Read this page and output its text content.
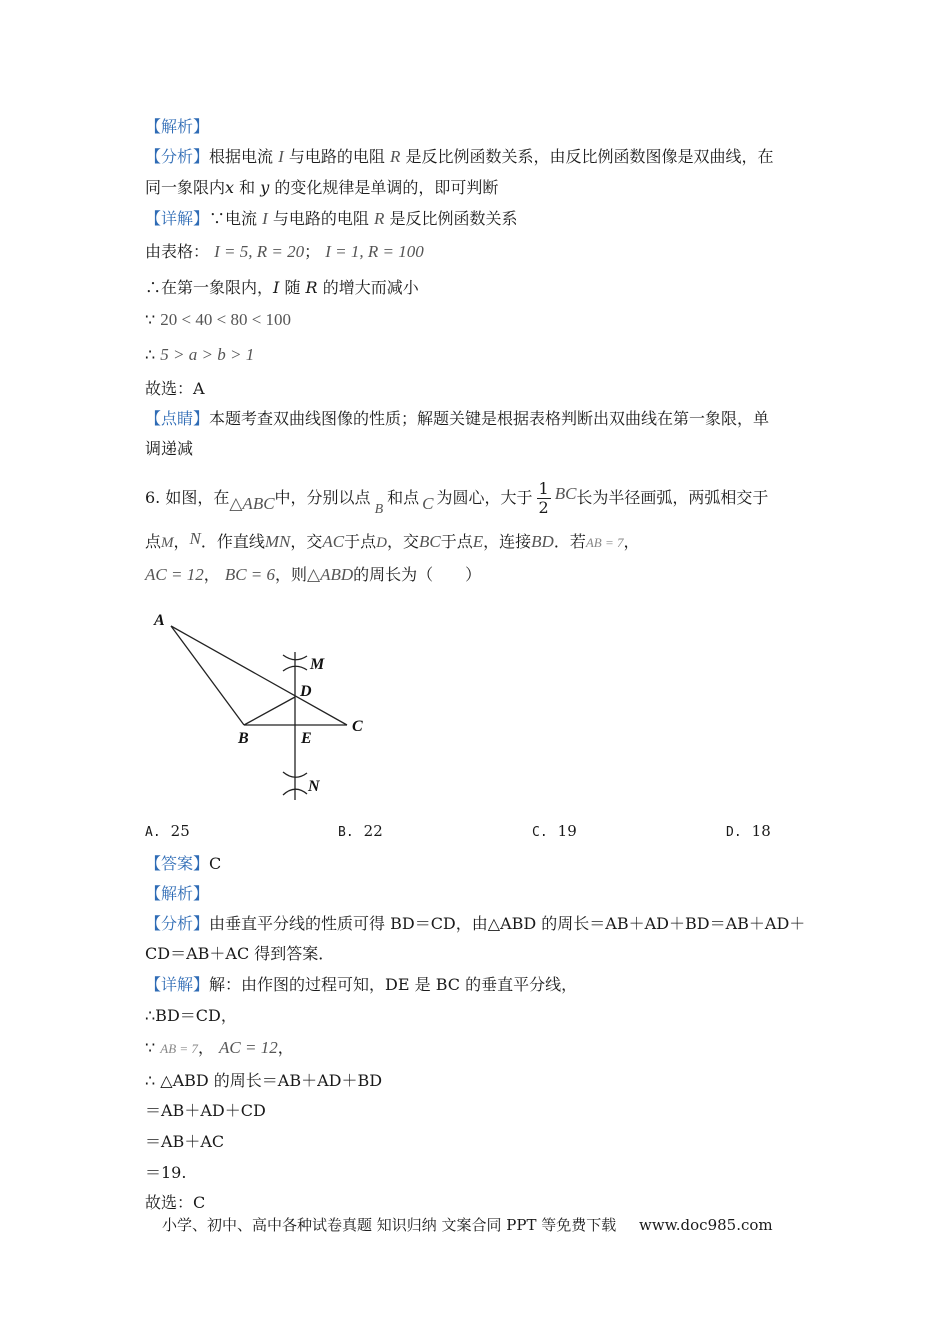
【解析】
【分析】根据电流 I 与电路的电阻 R 是反比例函数关系，由反比例函数图像是双曲线，在
同一象限内x 和 y 的变化规律是单调的，即可判断
【详解】∵电流 I 与电路的电阻 R 是反比例函数关系
由表格： I = 5, R = 20； I = 1, R = 100
∴在第一象限内，I 随 R 的增大而减小
∵ 20 < 40 < 80 < 100
∴ 5 > a > b > 1
故选：A
【点睛】本题考查双曲线图像的性质；解题关键是根据表格判断出双曲线在第一象限，单
调递减
6. 如图，在△ABC中，分别以点B和点 C 为圆心，大于 $\frac{1}{2}$ BC长为半径画弧，两弧相交于
点M，N．作直线MN，交AC于点D，交BC于点E，连接BD．若AB = 7，
AC = 12， BC = 6，则△ABD的周长为（　　）
A
B
C
D
E
M
N
A. 25	B. 22	C. 19	D. 18
【答案】C
【解析】
【分析】由垂直平分线的性质可得 BD＝CD，由△ABD 的周长＝AB＋AD＋BD＝AB＋AD＋
CD＝AB＋AC 得到答案．
【详解】解：由作图的过程可知，DE 是 BC 的垂直平分线，
∴BD＝CD，
∵ AB = 7， AC = 12，
∴ △ABD 的周长＝AB＋AD＋BD
＝AB＋AD＋CD
＝AB＋AC
＝19.
故选：C
小学、初中、高中各种试卷真题 知识归纳 文案合同 PPT 等免费下载 www.doc985.com
